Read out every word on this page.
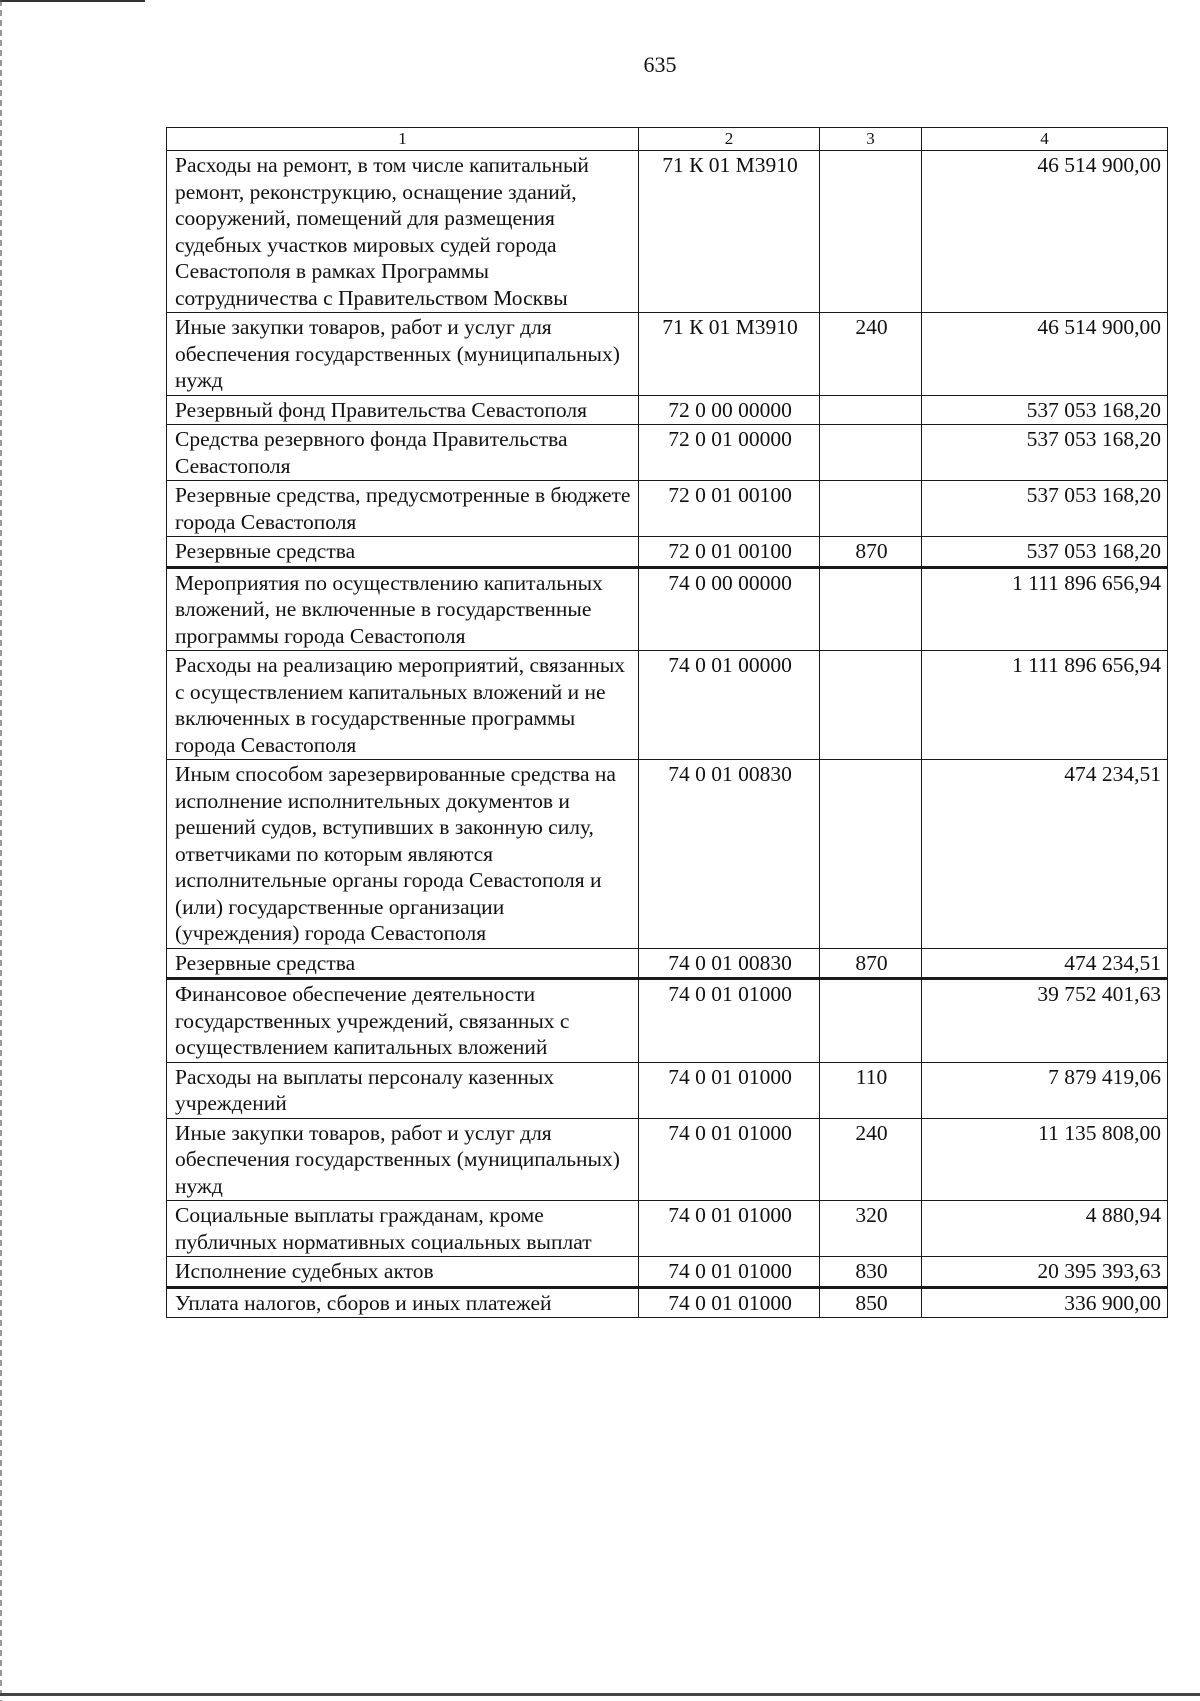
635
1	2	3	4
Расходы на ремонт, в том числе капитальный ремонт, реконструкцию, оснащение зданий, сооружений, помещений для размещения судебных участков мировых судей города Севастополя в рамках Программы сотрудничества с Правительством Москвы	71 К 01 М3910		46 514 900,00
Иные закупки товаров, работ и услуг для обеспечения государственных (муниципальных) нужд	71 К 01 М3910	240	46 514 900,00
Резервный фонд Правительства Севастополя	72 0 00 00000		537 053 168,20
Средства резервного фонда Правительства Севастополя	72 0 01 00000		537 053 168,20
Резервные средства, предусмотренные в бюджете города Севастополя	72 0 01 00100		537 053 168,20
Резервные средства	72 0 01 00100	870	537 053 168,20
Мероприятия по осуществлению капитальных вложений, не включенные в государственные программы города Севастополя	74 0 00 00000		1 111 896 656,94
Расходы на реализацию мероприятий, связанных с осуществлением капитальных вложений и не включенных в государственные программы города Севастополя	74 0 01 00000		1 111 896 656,94
Иным способом зарезервированные средства на исполнение исполнительных документов и решений судов, вступивших в законную силу, ответчиками по которым являются исполнительные органы города Севастополя и (или) государственные организации (учреждения) города Севастополя	74 0 01 00830		474 234,51
Резервные средства	74 0 01 00830	870	474 234,51
Финансовое обеспечение деятельности государственных учреждений, связанных с осуществлением капитальных вложений	74 0 01 01000		39 752 401,63
Расходы на выплаты персоналу казенных учреждений	74 0 01 01000	110	7 879 419,06
Иные закупки товаров, работ и услуг для обеспечения государственных (муниципальных) нужд	74 0 01 01000	240	11 135 808,00
Социальные выплаты гражданам, кроме публичных нормативных социальных выплат	74 0 01 01000	320	4 880,94
Исполнение судебных актов	74 0 01 01000	830	20 395 393,63
Уплата налогов, сборов и иных платежей	74 0 01 01000	850	336 900,00
